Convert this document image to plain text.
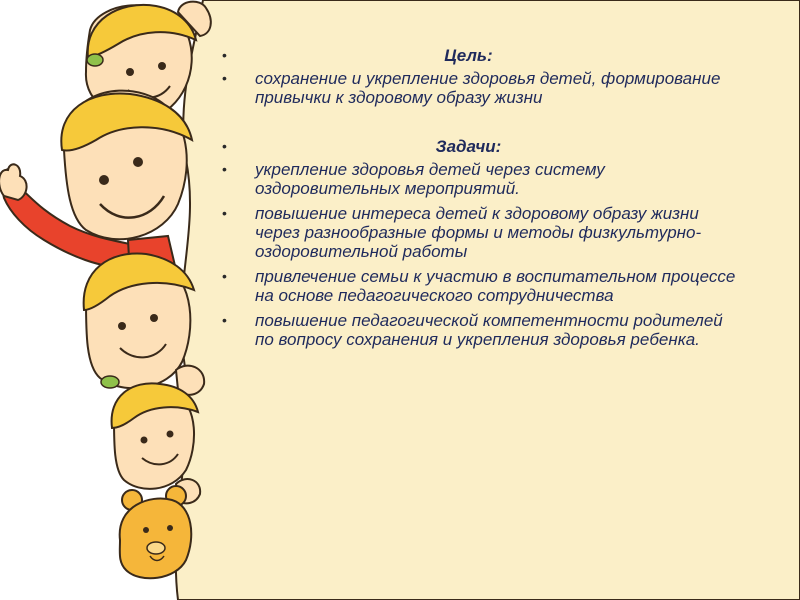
•	Цель:
•	сохранение и укрепление здоровья детей, формирование привычки к здоровому образу жизни
•	Задачи:
•	укрепление здоровья детей через систему оздоровительных мероприятий.
•	повышение интереса детей к здоровому образу жизни через разнообразные формы и методы физкультурно- оздоровительной работы
•	привлечение семьи к участию в воспитательном процессе на основе педагогического сотрудничества
•	повышение педагогической компетентности родителей по вопросу сохранения и укрепления здоровья ребенка.
